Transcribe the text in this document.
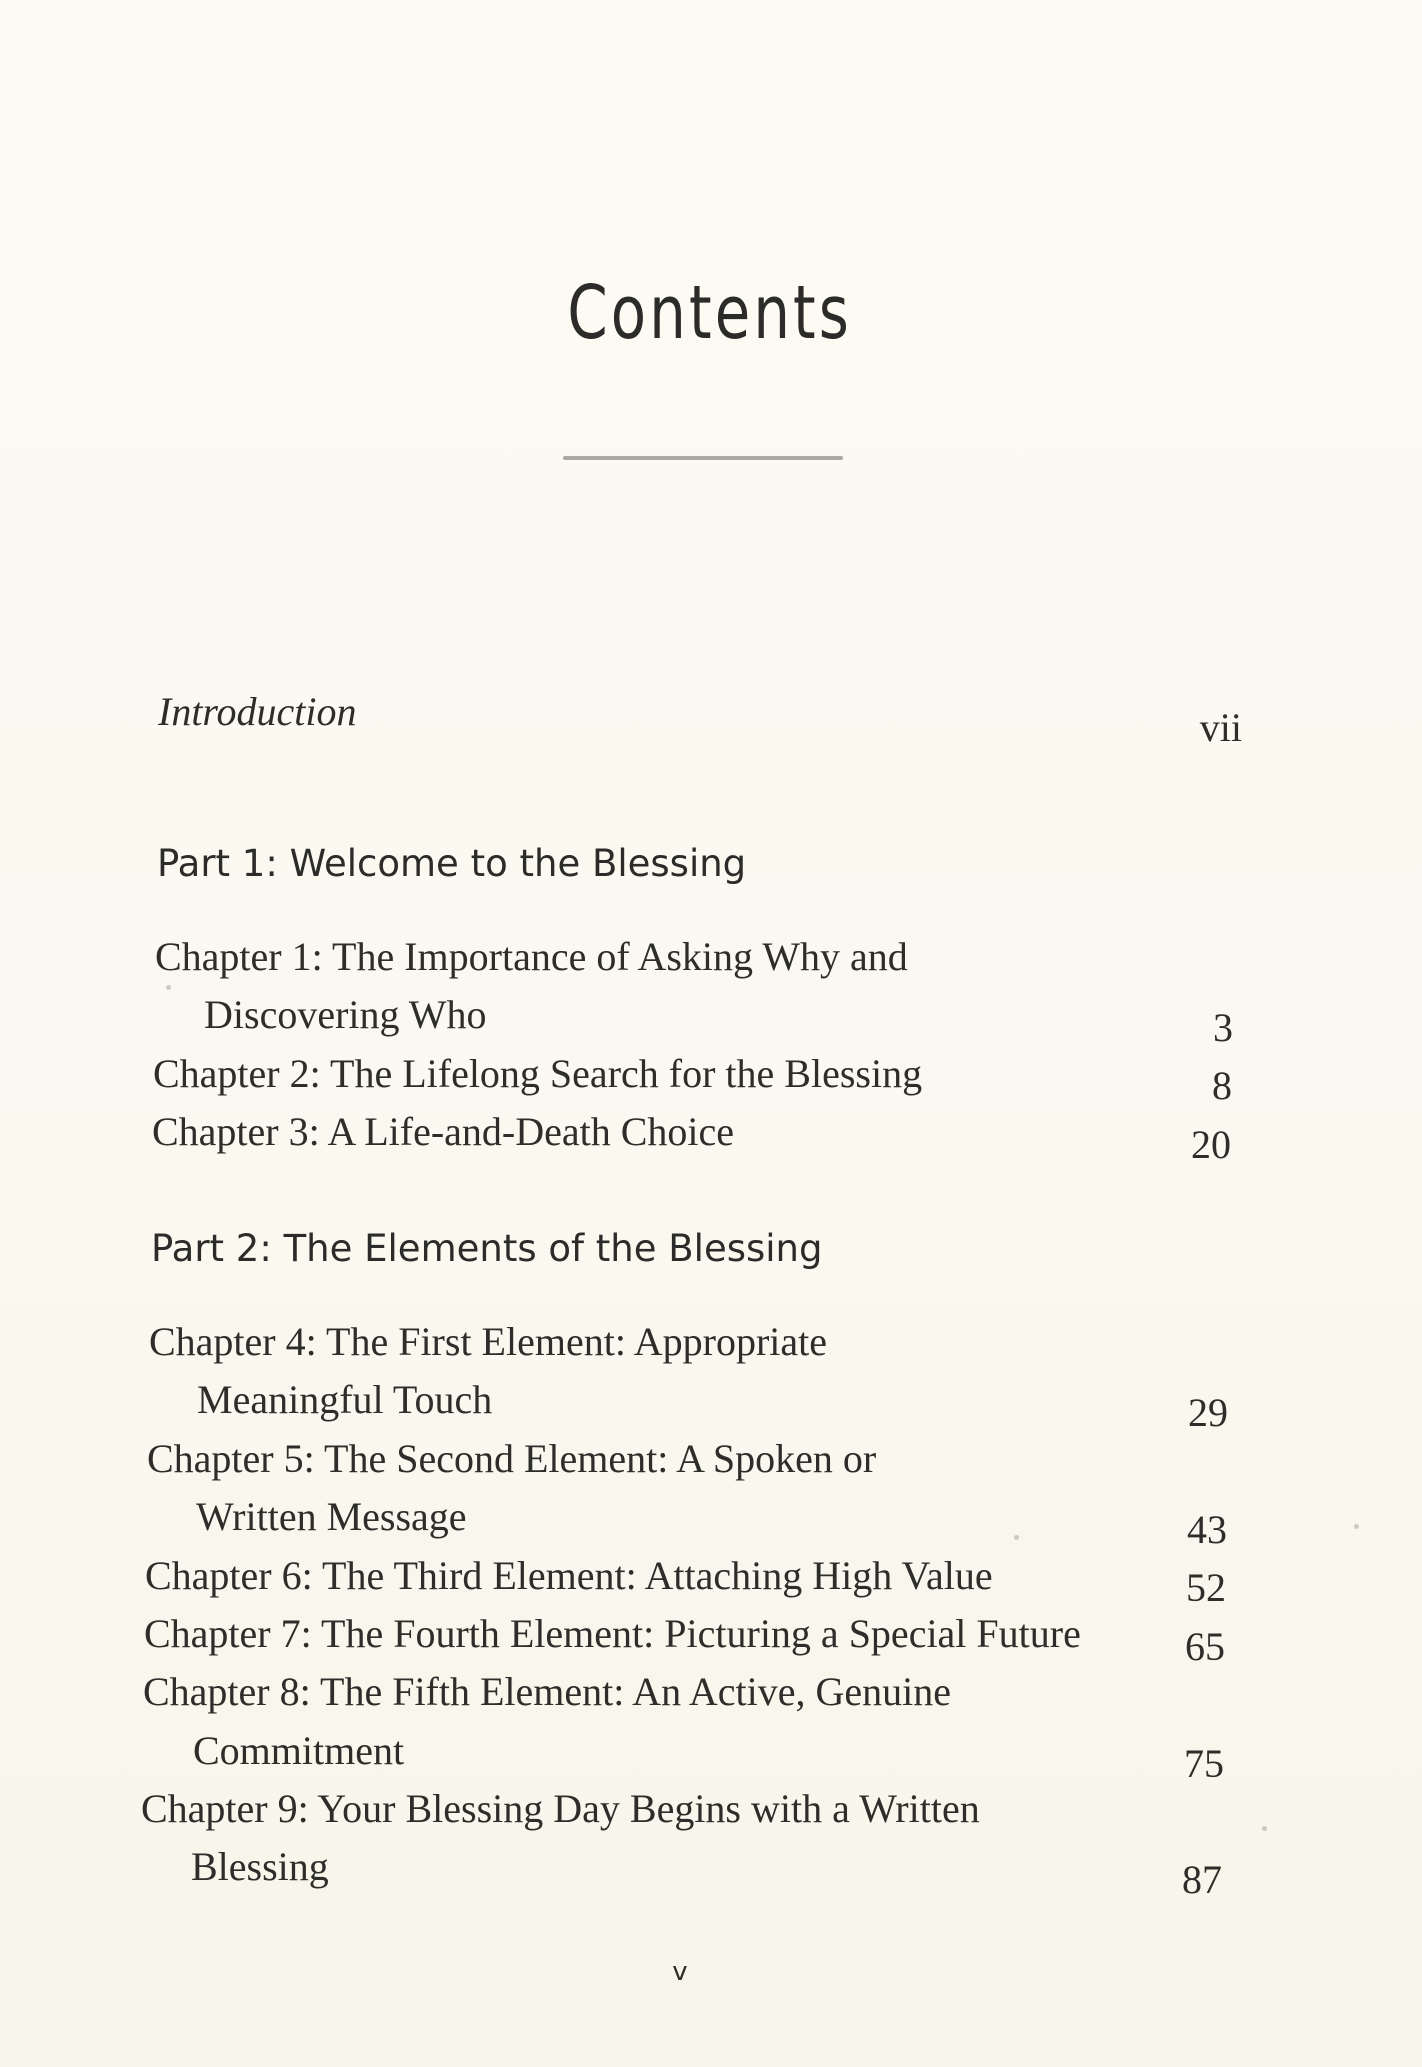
Contents
Introduction	vii
Part 1: Welcome to the Blessing
Chapter 1: The Importance of Asking Why and
Discovering Who	3
Chapter 2: The Lifelong Search for the Blessing	8
Chapter 3: A Life-and-Death Choice	20
Part 2: The Elements of the Blessing
Chapter 4: The First Element: Appropriate
Meaningful Touch	29
Chapter 5: The Second Element: A Spoken or
Written Message	43
Chapter 6: The Third Element: Attaching High Value	52
Chapter 7: The Fourth Element: Picturing a Special Future	65
Chapter 8: The Fifth Element: An Active, Genuine
Commitment	75
Chapter 9: Your Blessing Day Begins with a Written
Blessing	87
v
